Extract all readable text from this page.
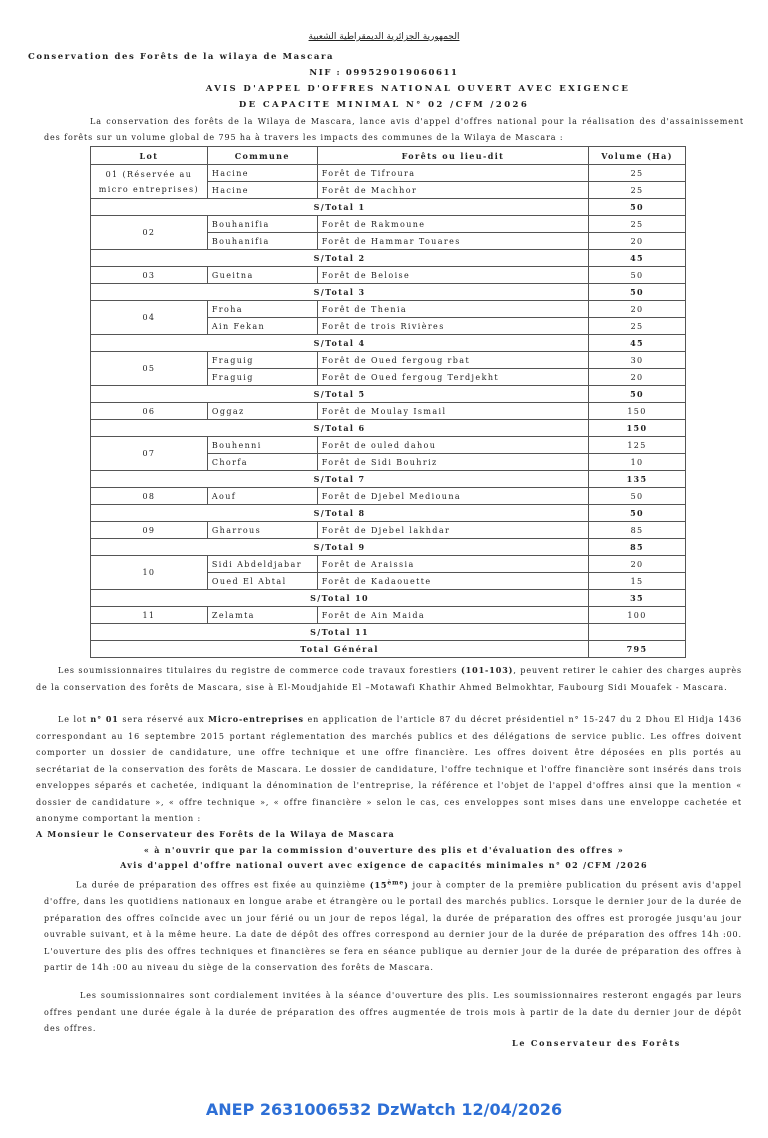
الجمهورية الجزائرية الديمقراطية الشعبية
Conservation des Forêts de la wilaya de Mascara
NIF : 099529019060611
AVIS D'APPEL D'OFFRES NATIONAL OUVERT AVEC EXIGENCE
DE CAPACITE MINIMAL N° 02 /CFM /2026
La conservation des forêts de la Wilaya de Mascara, lance avis d'appel d'offres national pour la réalisation des d'assainissement des forêts sur un volume global de 795 ha à travers les impacts des communes de la Wilaya de Mascara :
Lot	Commune	Forêts ou lieu-dit	Volume (Ha)
01 (Réservée au micro entreprises)	Hacine	Forêt de Tifroura	25
	Hacine	Forêt de Machhor	25
S/Total 1			50
02	Bouhanifia	Forêt de Rakmoune	25
	Bouhanifia	Forêt de Hammar Touares	20
S/Total 2			45
03	Gueitna	Forêt de Beloise	50
S/Total 3			50
04	Froha	Forêt de Thenia	20
	Ain Fekan	Forêt de trois Rivières	25
S/Total 4			45
05	Fraguig	Forêt de Oued fergoug rbat	30
	Fraguig	Forêt de Oued fergoug Terdjekht	20
S/Total 5			50
06	Oggaz	Forêt de Moulay Ismail	150
S/Total 6			150
07	Bouhenni	Forêt de ouled dahou	125
	Chorfa	Forêt de Sidi Bouhriz	10
S/Total 7			135
08	Aouf	Forêt de Djebel Mediouna	50
S/Total 8			50
09	Gharrous	Forêt de Djebel lakhdar	85
S/Total 9			85
10	Sidi Abdeldjabar	Forêt de Araissia	20
	Oued El Abtal	Forêt de Kadaouette	15
S/Total 10			35
11	Zelamta	Forêt de Ain Maida	100
S/Total 11			
Total Général			795
Les soumissionnaires titulaires du registre de commerce code travaux forestiers (101-103), peuvent retirer le cahier des charges auprès de la conservation des forêts de Mascara, sise à El-Moudjahide El –Motawafi Khathir Ahmed Belmokhtar, Faubourg Sidi Mouafek - Mascara.
Le lot n° 01 sera réservé aux Micro-entreprises en application de l'article 87 du décret présidentiel n° 15-247 du 2 Dhou El Hidja 1436 correspondant au 16 septembre 2015 portant réglementation des marchés publics et des délégations de service public. Les offres doivent comporter un dossier de candidature, une offre technique et une offre financière. Les offres doivent être déposées en plis portés au secrétariat de la conservation des forêts de Mascara. Le dossier de candidature, l'offre technique et l'offre financière sont insérés dans trois enveloppes séparés et cachetée, indiquant la dénomination de l'entreprise, la référence et l'objet de l'appel d'offres ainsi que la mention « dossier de candidature », « offre technique », « offre financière » selon le cas, ces enveloppes sont mises dans une enveloppe cachetée et anonyme comportant la mention :
A Monsieur le Conservateur des Forêts de la Wilaya de Mascara
« à n'ouvrir que par la commission d'ouverture des plis et d'évaluation des offres »
Avis d'appel d'offre national ouvert avec exigence de capacités minimales n° 02 /CFM /2026
La durée de préparation des offres est fixée au quinzième (15ème) jour à compter de la première publication du présent avis d'appel d'offre, dans les quotidiens nationaux en longue arabe et étrangère ou le portail des marchés publics. Lorsque le dernier jour de la durée de préparation des offres coïncide avec un jour férié ou un jour de repos légal, la durée de préparation des offres est prorogée jusqu'au jour ouvrable suivant, et à la même heure. La date de dépôt des offres correspond au dernier jour de la durée de préparation des offres 14h :00. L'ouverture des plis des offres techniques et financières se fera en séance publique au dernier jour de la durée de préparation des offres à partir de 14h :00 au niveau du siège de la conservation des forêts de Mascara.
Les soumissionnaires sont cordialement invitées à la séance d'ouverture des plis. Les soumissionnaires resteront engagés par leurs offres pendant une durée égale à la durée de préparation des offres augmentée de trois mois à partir de la date du dernier jour de dépôt des offres.
Le Conservateur des Forêts
ANEP 2631006532 DzWatch 12/04/2026
